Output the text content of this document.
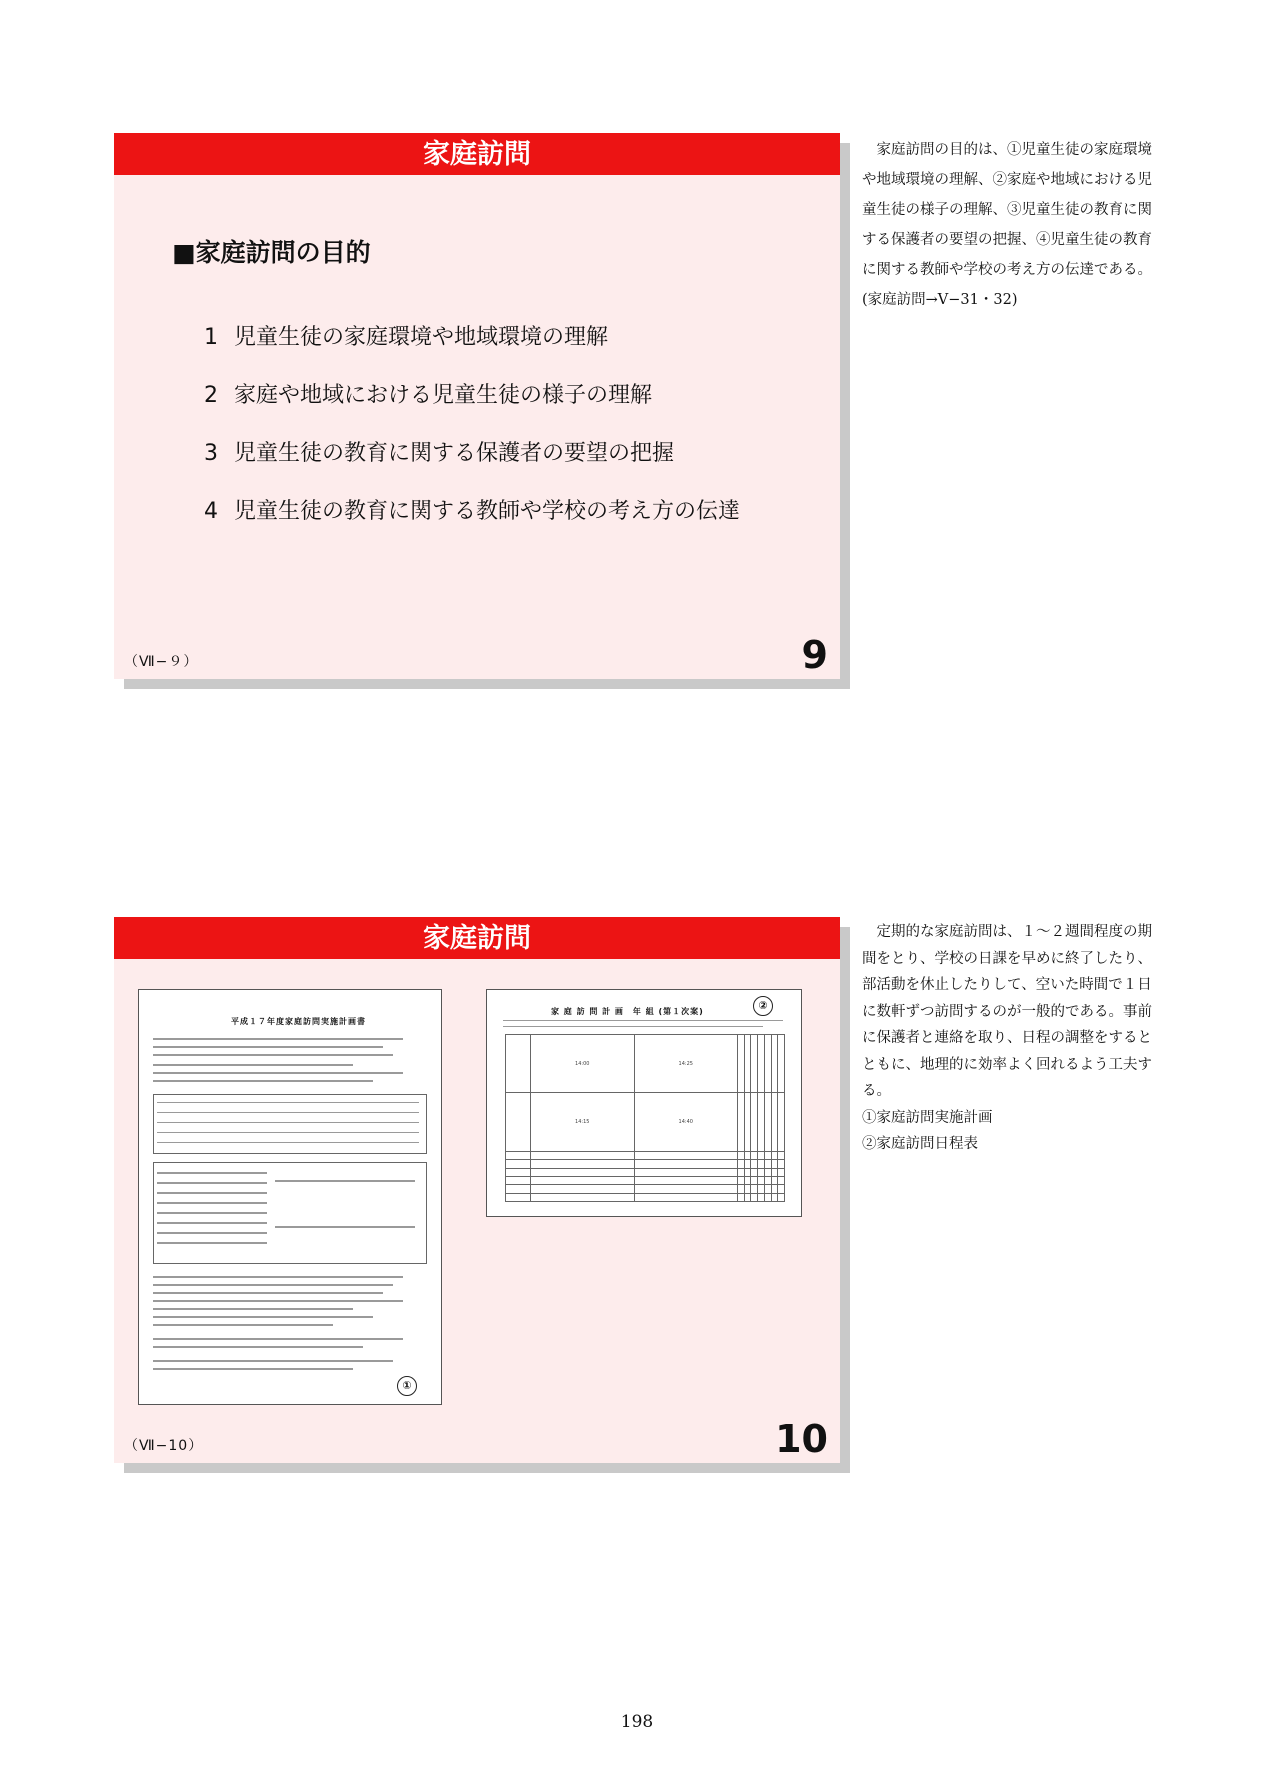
家庭訪問
■家庭訪問の目的
1 児童生徒の家庭環境や地域環境の理解
2 家庭や地域における児童生徒の様子の理解
3 児童生徒の教育に関する保護者の要望の把握
4 児童生徒の教育に関する教師や学校の考え方の伝達
（Ⅶ−９）	9

家庭訪問の目的は、①児童生徒の家庭環境や地域環境の理解、②家庭や地域における児童生徒の様子の理解、③児童生徒の教育に関する保護者の要望の把握、④児童生徒の教育に関する教師や学校の考え方の伝達である。

(家庭訪問→Ⅴ−31・32)

家庭訪問
平成１７年度家庭訪問実施計画書
①
家 庭 訪 問 計 画　年 組 (第１次案)	②
	14:00	14:25							
	14:15	14:40							

（Ⅶ−10）	10

定期的な家庭訪問は、１〜２週間程度の期間をとり、学校の日課を早めに終了したり、部活動を休止したりして、空いた時間で１日に数軒ずつ訪問するのが一般的である。事前に保護者と連絡を取り、日程の調整をするとともに、地理的に効率よく回れるよう工夫する。

①家庭訪問実施計画

②家庭訪問日程表

198
